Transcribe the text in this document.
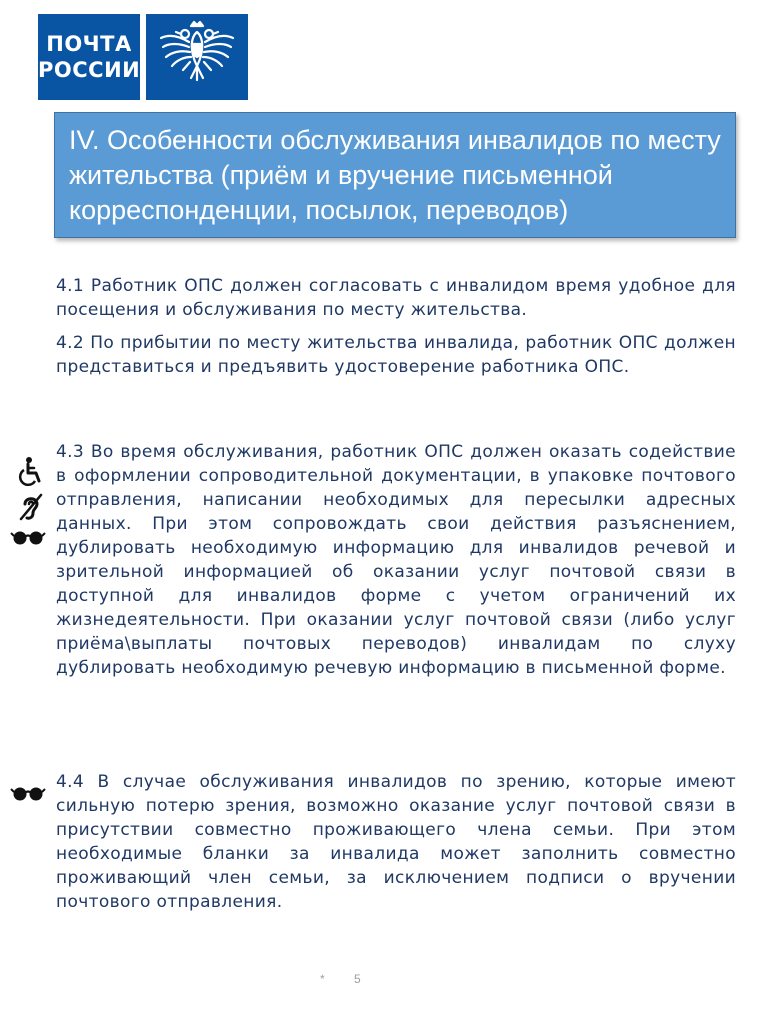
ПОЧТА
РОССИИ
IV. Особенности обслуживания инвалидов по месту жительства (приём и вручение письменной корреспонденции, посылок, переводов)

4.1 Работник ОПС должен согласовать с инвалидом время удобное для посещения и обслуживания по месту жительства.

4.2 По прибытии по месту жительства инвалида, работник ОПС должен представиться и предъявить удостоверение работника ОПС.

4.3 Во время обслуживания, работник ОПС должен оказать содействие в оформлении сопроводительной документации, в упаковке почтового отправления, написании необходимых для пересылки адресных данных. При этом сопровождать свои действия разъяснением, дублировать необходимую информацию для инвалидов речевой и зрительной информацией об оказании услуг почтовой связи в доступной для инвалидов форме с учетом ограничений их жизнедеятельности. При оказании услуг почтовой связи (либо услуг приёма\выплаты почтовых переводов) инвалидам по слуху дублировать необходимую речевую информацию в письменной форме.

4.4 В случае обслуживания инвалидов по зрению, которые имеют сильную потерю зрения, возможно оказание услуг почтовой связи в присутствии совместно проживающего члена семьи. При этом необходимые бланки за инвалида может заполнить совместно проживающий член семьи, за исключением подписи о вручении почтового отправления.

* 5
